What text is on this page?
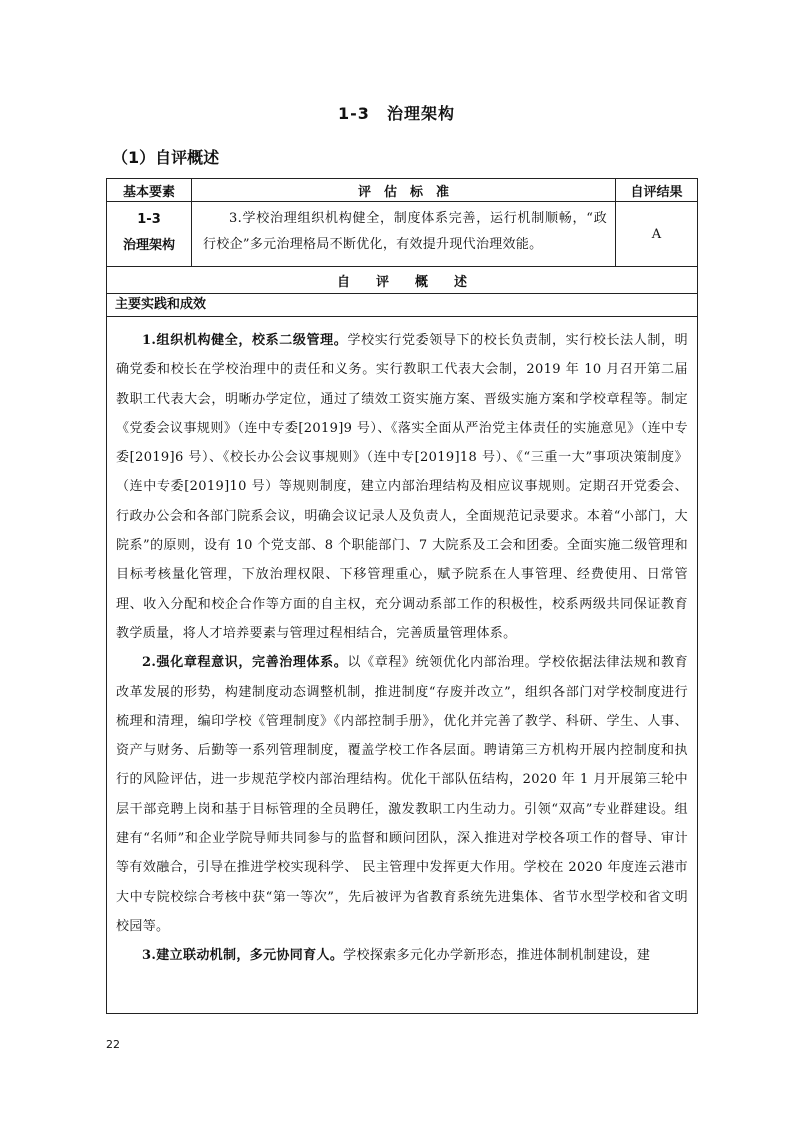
1-3　治理架构
（1）自评概述
基本要素	评　估　标　准	自评结果
1-3
治理架构
3.学校治理组织机构健全，制度体系完善，运行机制顺畅，“政行校企”多元治理格局不断优化，有效提升现代治理效能。
A
自　　评　　概　　述
主要实践和成效

1.组织机构健全，校系二级管理。学校实行党委领导下的校长负责制，实行校长法人制，明确党委和校长在学校治理中的责任和义务。实行教职工代表大会制，2019 年 10 月召开第二届教职工代表大会，明晰办学定位，通过了绩效工资实施方案、晋级实施方案和学校章程等。制定《党委会议事规则》（连中专委[2019]9 号）、《落实全面从严治党主体责任的实施意见》（连中专委[2019]6 号）、《校长办公会议事规则》（连中专[2019]18 号）、《“三重一大”事项决策制度》（连中专委[2019]10 号）等规则制度，建立内部治理结构及相应议事规则。定期召开党委会、行政办公会和各部门院系会议，明确会议记录人及负责人，全面规范记录要求。本着“小部门，大院系”的原则，设有 10 个党支部、8 个职能部门、7 大院系及工会和团委。全面实施二级管理和目标考核量化管理，下放治理权限、下移管理重心，赋予院系在人事管理、经费使用、日常管理、收入分配和校企合作等方面的自主权，充分调动系部工作的积极性，校系两级共同保证教育教学质量，将人才培养要素与管理过程相结合，完善质量管理体系。

2.强化章程意识，完善治理体系。以《章程》统领优化内部治理。学校依据法律法规和教育改革发展的形势，构建制度动态调整机制，推进制度“存废并改立”，组织各部门对学校制度进行梳理和清理，编印学校《管理制度》《内部控制手册》，优化并完善了教学、科研、学生、人事、资产与财务、后勤等一系列管理制度，覆盖学校工作各层面。聘请第三方机构开展内控制度和执行的风险评估，进一步规范学校内部治理结构。优化干部队伍结构，2020 年 1 月开展第三轮中层干部竞聘上岗和基于目标管理的全员聘任，激发教职工内生动力。引领“双高”专业群建设。组建有“名师”和企业学院导师共同参与的监督和顾问团队，深入推进对学校各项工作的督导、审计等有效融合，引导在推进学校实现科学、 民主管理中发挥更大作用。学校在 2020 年度连云港市大中专院校综合考核中获“第一等次”，先后被评为省教育系统先进集体、省节水型学校和省文明校园等。

3.建立联动机制，多元协同育人。学校探索多元化办学新形态，推进体制机制建设，建

22
